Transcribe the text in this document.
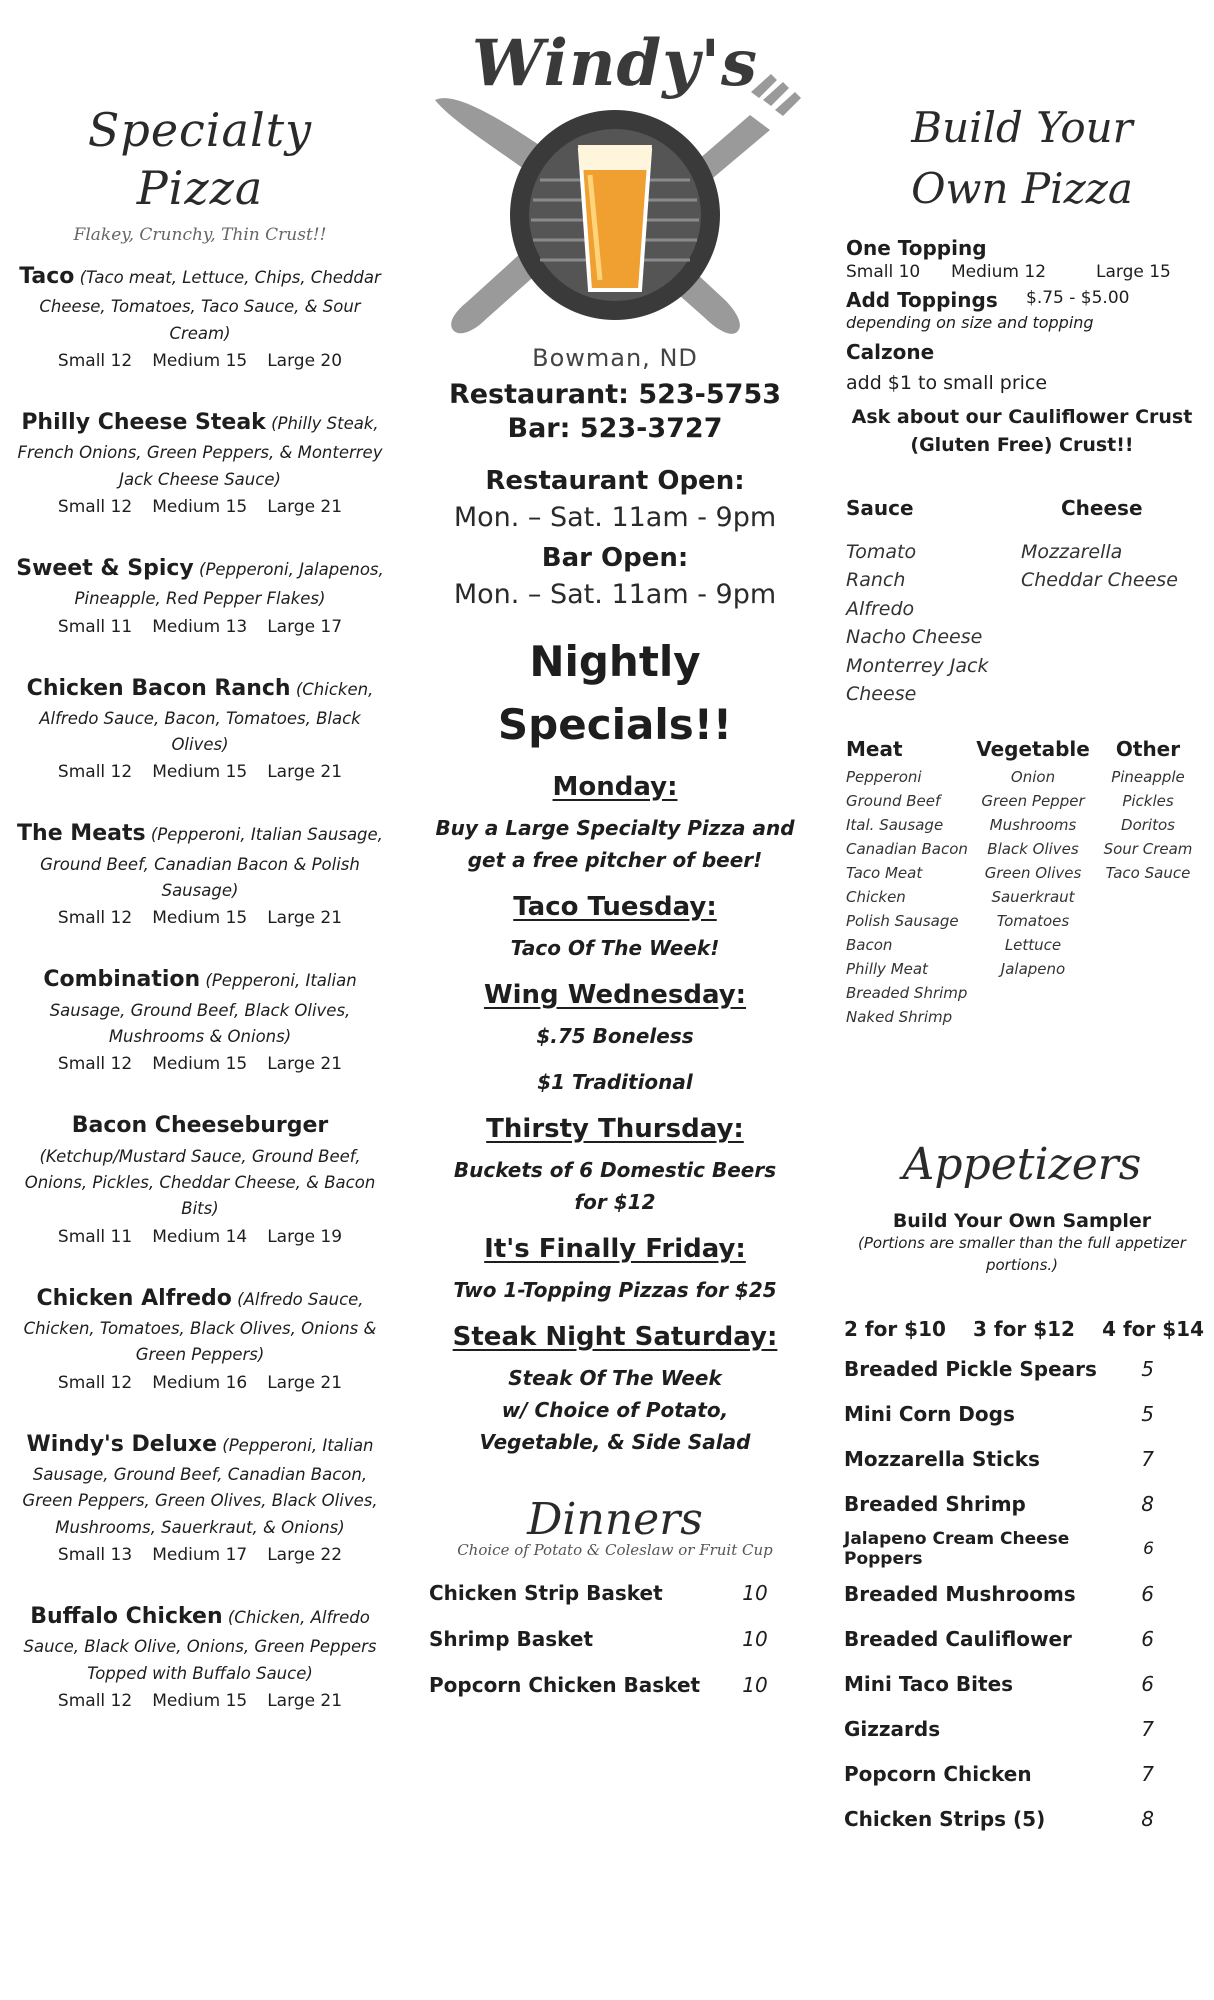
Specialty
Pizza
Flakey, Crunchy, Thin Crust!!
Taco (Taco meat, Lettuce, Chips, Cheddar Cheese, Tomatoes, Taco Sauce, & Sour Cream)
Small 12 Medium 15 Large 20
Philly Cheese Steak (Philly Steak, French Onions, Green Peppers, & Monterrey Jack Cheese Sauce)
Small 12 Medium 15 Large 21
Sweet & Spicy (Pepperoni, Jalapenos, Pineapple, Red Pepper Flakes)
Small 11 Medium 13 Large 17
Chicken Bacon Ranch (Chicken, Alfredo Sauce, Bacon, Tomatoes, Black Olives)
Small 12 Medium 15 Large 21
The Meats (Pepperoni, Italian Sausage, Ground Beef, Canadian Bacon & Polish Sausage)
Small 12 Medium 15 Large 21
Combination (Pepperoni, Italian Sausage, Ground Beef, Black Olives, Mushrooms & Onions)
Small 12 Medium 15 Large 21
Bacon Cheeseburger (Ketchup/Mustard Sauce, Ground Beef, Onions, Pickles, Cheddar Cheese, & Bacon Bits)
Small 11 Medium 14 Large 19
Chicken Alfredo (Alfredo Sauce, Chicken, Tomatoes, Black Olives, Onions & Green Peppers)
Small 12 Medium 16 Large 21
Windy's Deluxe (Pepperoni, Italian Sausage, Ground Beef, Canadian Bacon, Green Peppers, Green Olives, Black Olives, Mushrooms, Sauerkraut, & Onions)
Small 13 Medium 17 Large 22
Buffalo Chicken (Chicken, Alfredo Sauce, Black Olive, Onions, Green Peppers Topped with Buffalo Sauce)
Small 12 Medium 15 Large 21
Windy's
Bowman, ND
Restaurant: 523-5753
Bar: 523-3727
Restaurant Open:
Mon. – Sat. 11am - 9pm
Bar Open:
Mon. – Sat. 11am - 9pm
Nightly
Specials!!
Monday:
Buy a Large Specialty Pizza and
get a free pitcher of beer!
Taco Tuesday:
Taco Of The Week!
Wing Wednesday:
$.75 Boneless
$1 Traditional
Thirsty Thursday:
Buckets of 6 Domestic Beers
for $12
It's Finally Friday:
Two 1-Topping Pizzas for $25
Steak Night Saturday:
Steak Of The Week
w/ Choice of Potato,
Vegetable, & Side Salad
Dinners
Choice of Potato & Coleslaw or Fruit Cup
Chicken Strip Basket	10
Shrimp Basket	10
Popcorn Chicken Basket	10
Build Your
Own Pizza
One Topping
Small 10	Medium 12	Large 15
Add Toppings	$.75 - $5.00
depending on size and topping
Calzone
add $1 to small price
Ask about our Cauliflower Crust
(Gluten Free) Crust!!
Sauce
Tomato
Ranch
Alfredo
Nacho Cheese
Monterrey Jack Cheese
Cheese
Mozzarella
Cheddar Cheese
Meat
Pepperoni
Ground Beef
Ital. Sausage
Canadian Bacon
Taco Meat
Chicken
Polish Sausage
Bacon
Philly Meat
Breaded Shrimp
Naked Shrimp
Vegetable
Onion
Green Pepper
Mushrooms
Black Olives
Green Olives
Sauerkraut
Tomatoes
Lettuce
Jalapeno
Other
Pineapple
Pickles
Doritos
Sour Cream
Taco Sauce
Appetizers
Build Your Own Sampler
(Portions are smaller than the full appetizer portions.)
2 for $10 3 for $12 4 for $14
Breaded Pickle Spears 5
Mini Corn Dogs	5
Mozzarella Sticks	7
Breaded Shrimp	8
Jalapeno Cream Cheese Poppers	6
Breaded Mushrooms	6
Breaded Cauliflower	6
Mini Taco Bites	6
Gizzards	7
Popcorn Chicken	7
Chicken Strips (5)	8
